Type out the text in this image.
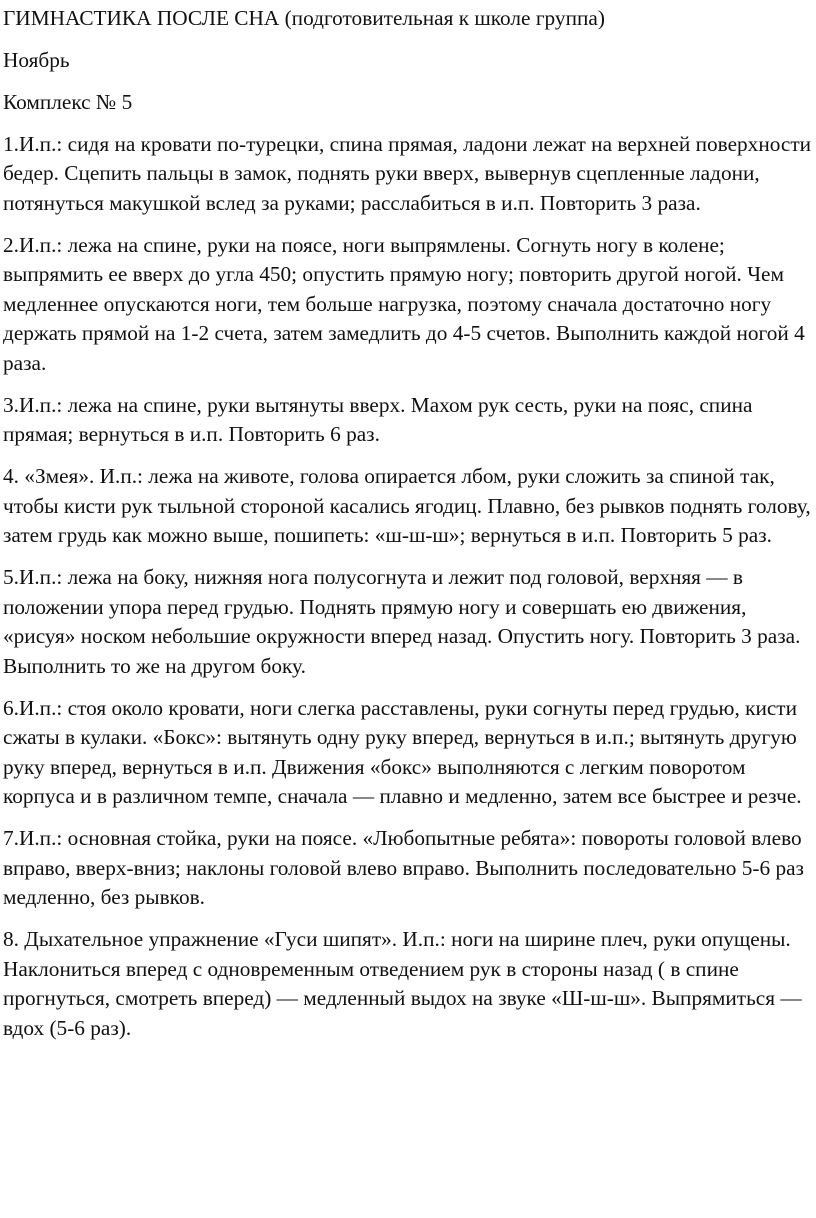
ГИМНАСТИКА ПОСЛЕ СНА (подготовительная к школе группа)

Ноябрь

Комплекс № 5

1.И.п.: сидя на кровати по-турецки, спина прямая, ладони лежат на верхней поверхности бедер. Сцепить пальцы в замок, поднять руки вверх, вывернув сцепленные ладони, потянуться макушкой вслед за руками; расслабиться в и.п. Повторить 3 раза.

2.И.п.: лежа на спине, руки на поясе, ноги выпрямлены. Согнуть ногу в колене; выпрямить ее вверх до угла 450; опустить прямую ногу; повторить другой ногой. Чем медленнее опускаются ноги, тем больше нагрузка, поэтому сначала достаточно ногу держать прямой на 1-2 счета, затем замедлить до 4-5 счетов. Выполнить каждой ногой 4 раза.

3.И.п.: лежа на спине, руки вытянуты вверх. Махом рук сесть, руки на пояс, спина прямая; вернуться в и.п. Повторить 6 раз.

4. «Змея». И.п.: лежа на животе, голова опирается лбом, руки сложить за спиной так, чтобы кисти рук тыльной стороной касались ягодиц. Плавно, без рывков поднять голову, затем грудь как можно выше, пошипеть: «ш-ш-ш»; вернуться в и.п. Повторить 5 раз.

5.И.п.: лежа на боку, нижняя нога полусогнута и лежит под головой, верхняя — в положении упора перед грудью. Поднять прямую ногу и совершать ею движения, «рисуя» носком небольшие окружности вперед назад. Опустить ногу. Повторить 3 раза. Выполнить то же на другом боку.

6.И.п.: стоя около кровати, ноги слегка расставлены, руки согнуты перед грудью, кисти сжаты в кулаки. «Бокс»: вытянуть одну руку вперед, вернуться в и.п.; вытянуть другую руку вперед, вернуться в и.п. Движения «бокс» выполняются с легким поворотом корпуса и в различном темпе, сначала — плавно и медленно, затем все быстрее и резче.

7.И.п.: основная стойка, руки на поясе. «Любопытные ребята»: повороты головой влево вправо, вверх-вниз; наклоны головой влево вправо. Выполнить последовательно 5-6 раз медленно, без рывков.

8. Дыхательное упражнение «Гуси шипят». И.п.: ноги на ширине плеч, руки опущены. Наклониться вперед с одновременным отведением рук в стороны назад ( в спине прогнуться, смотреть вперед) — медленный выдох на звуке «Ш-ш-ш». Выпрямиться — вдох (5-6 раз).
